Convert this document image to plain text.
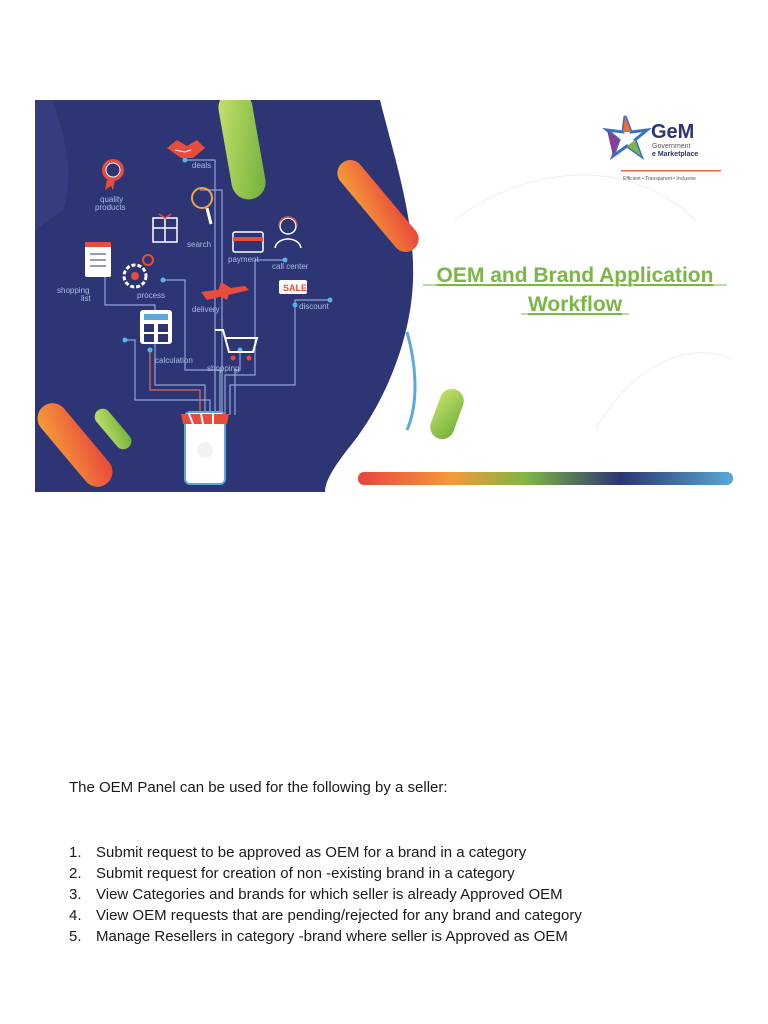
SALE
deals
quality
products
search
payment
call center
shopping
list	process
delivery	discount
calculation
shopping
GeM
Government
e Marketplace
Efficient • Transparent • Inclusive
OEM and Brand Application
Workflow

The OEM Panel can be used for the following by a seller:

1. Submit request to be approved as OEM for a brand in a category
2. Submit request for creation of non -existing brand in a category
3. View Categories and brands for which seller is already Approved OEM
4. View OEM requests that are pending/rejected for any brand and category
5. Manage Resellers in category -brand where seller is Approved as OEM
